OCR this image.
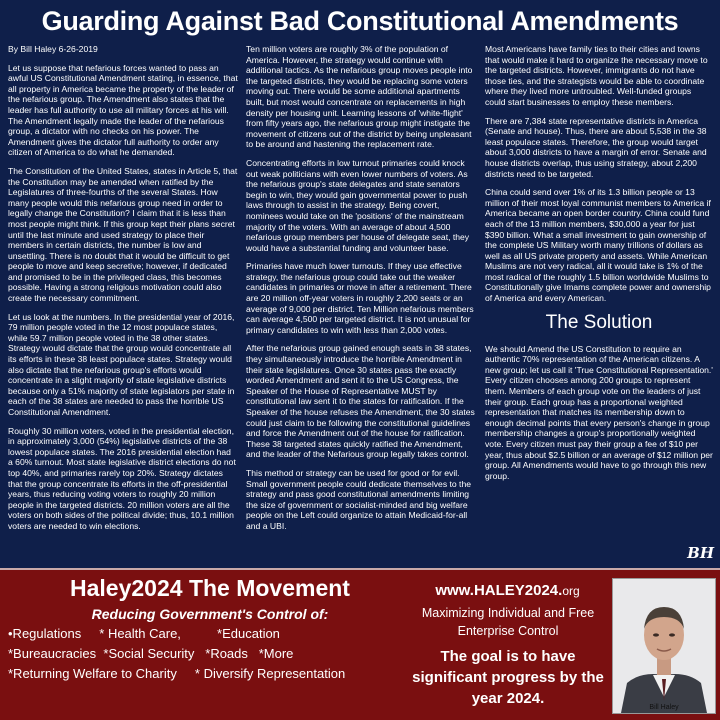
Guarding Against Bad Constitutional Amendments

By Bill Haley 6-26-2019

Let us suppose that nefarious forces wanted to pass an awful US Constitutional Amendment stating, in essence, that all property in America became the property of the leader of the nefarious group. The Amendment also states that the leader has full authority to use all military forces at his will. The Amendment legally made the leader of the nefarious group, a dictator with no checks on his power. The Amendment gives the dictator full authority to order any citizen of America to do what he demanded.

The Constitution of the United States, states in Article 5, that the Constitution may be amended when ratified by the Legislatures of three-fourths of the several States. How many people would this nefarious group need in order to legally change the Constitution? I claim that it is less than most people might think. If this group kept their plans secret until the last minute and used strategy to place their members in certain districts, the number is low and unsettling. There is no doubt that it would be difficult to get people to move and keep secretive; however, if dedicated and promised to be in the privileged class, this becomes possible. Having a strong religious motivation could also create the necessary commitment.

Let us look at the numbers. In the presidential year of 2016, 79 million people voted in the 12 most populace states, while 59.7 million people voted in the 38 other states. Strategy would dictate that the group would concentrate all its efforts in these 38 least populace states. Strategy would also dictate that the nefarious group's efforts would concentrate in a slight majority of state legislative districts because only a 51% majority of state legislators per state in each of the 38 states are needed to pass the horrible US Constitutional Amendment.

Roughly 30 million voters, voted in the presidential election, in approximately 3,000 (54%) legislative districts of the 38 lowest populace states. The 2016 presidential election had a 60% turnout. Most state legislative district elections do not top 40%, and primaries rarely top 20%. Strategy dictates that the group concentrate its efforts in the off-presidential years, thus reducing voting voters to roughly 20 million people in the targeted districts. 20 million voters are all the voters on both sides of the political divide; thus, 10.1 million voters are needed to win elections.

Ten million voters are roughly 3% of the population of America. However, the strategy would continue with additional tactics. As the nefarious group moves people into the targeted districts, they would be replacing some voters moving out. There would be some additional apartments built, but most would concentrate on replacements in high density per housing unit. Learning lessons of 'white-flight' from fifty years ago, the nefarious group might instigate the movement of citizens out of the district by being unpleasant to be around and hastening the replacement rate.

Concentrating efforts in low turnout primaries could knock out weak politicians with even lower numbers of voters. As the nefarious group's state delegates and state senators begin to win, they would gain governmental power to push laws through to assist in the strategy. Being covert, nominees would take on the 'positions' of the mainstream majority of the voters. With an average of about 4,500 nefarious group members per house of delegate seat, they would have a substantial funding and volunteer base.

Primaries have much lower turnouts. If they use effective strategy, the nefarious group could take out the weaker candidates in primaries or move in after a retirement. There are 20 million off-year voters in roughly 2,200 seats or an average of 9,000 per district. Ten Million nefarious members can average 4,500 per targeted district. It is not unusual for primary candidates to win with less than 2,000 votes.

After the nefarious group gained enough seats in 38 states, they simultaneously introduce the horrible Amendment in their state legislatures. Once 30 states pass the exactly worded Amendment and sent it to the US Congress, the Speaker of the House of Representative MUST by constitutional law sent it to the states for ratification. If the Speaker of the house refuses the Amendment, the 30 states could just claim to be following the constitutional guidelines and force the Amendment out of the house for ratification. These 38 targeted states quickly ratified the Amendment, and the leader of the Nefarious group legally takes control.

This method or strategy can be used for good or for evil. Small government people could dedicate themselves to the strategy and pass good constitutional amendments limiting the size of government or socialist-minded and big welfare people on the Left could organize to attain Medicaid-for-all and a UBI.

Most Americans have family ties to their cities and towns that would make it hard to organize the necessary move to the targeted districts. However, immigrants do not have those ties, and the strategists would be able to coordinate where they lived more untroubled. Well-funded groups could start businesses to employ these members.

There are 7,384 state representative districts in America (Senate and house). Thus, there are about 5,538 in the 38 least populace states. Therefore, the group would target about 3,000 districts to have a margin of error. Senate and house districts overlap, thus using strategy, about 2,200 districts need to be targeted.

China could send over 1% of its 1.3 billion people or 13 million of their most loyal communist members to America if America became an open border country. China could fund each of the 13 million members, $30,000 a year for just $390 billion. What a small investment to gain ownership of the complete US Military worth many trillions of dollars as well as all US private property and assets. While American Muslims are not very radical, all it would take is 1% of the most radical of the roughly 1.5 billion worldwide Muslims to Constitutionally give Imams complete power and ownership of America and every American.

The Solution

We should Amend the US Constitution to require an authentic 70% representation of the American citizens. A new group; let us call it 'True Constitutional Representation.' Every citizen chooses among 200 groups to represent them. Members of each group vote on the leaders of just their group. Each group has a proportional weighted representation that matches its membership down to enough decimal points that every person's change in group membership changes a group's proportionally weighted vote. Every citizen must pay their group a fee of $10 per year, thus about $2.5 billion or an average of $12 million per group. All Amendments would have to go through this new group.

BH
Haley2024 The Movement
Reducing Government's Control of:
•Regulations     * Health Care,          *Education
*Bureaucracies  *Social Security   *Roads   *More
*Returning Welfare to Charity     * Diversify Representation
www.HALEY2024.org
Maximizing Individual and Free Enterprise Control
The goal is to have significant progress by the year 2024.
Bill Haley
